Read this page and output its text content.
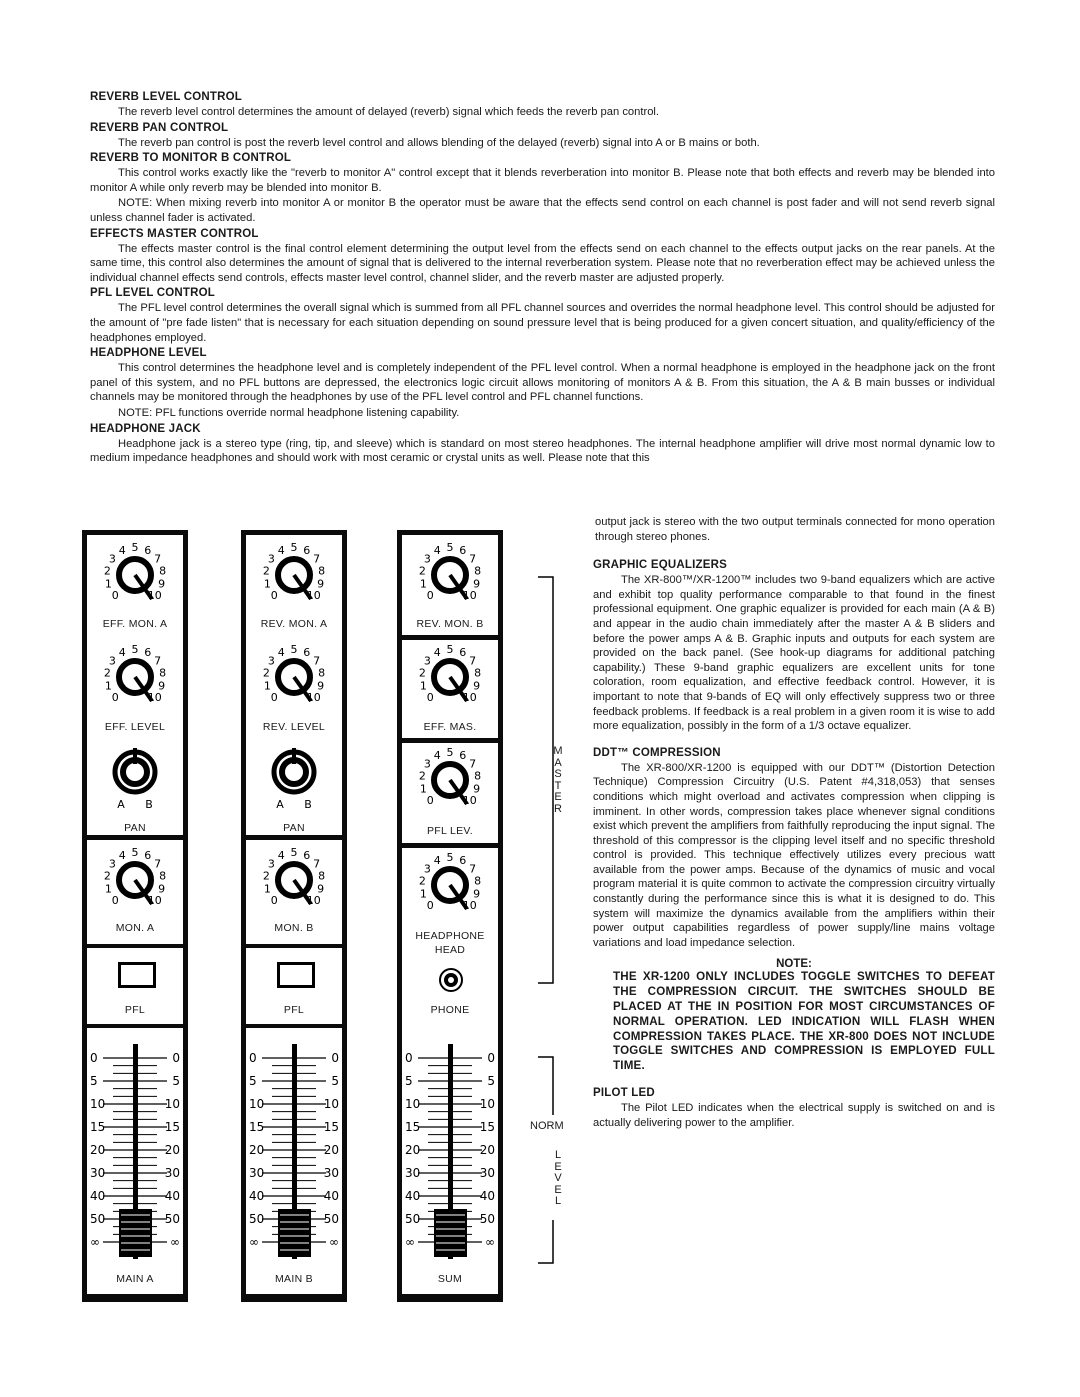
REVERB LEVEL CONTROL

The reverb level control determines the amount of delayed (reverb) signal which feeds the reverb pan control.

REVERB PAN CONTROL

The reverb pan control is post the reverb level control and allows blending of the delayed (reverb) signal into A or B mains or both.

REVERB TO MONITOR B CONTROL

This control works exactly like the "reverb to monitor A" control except that it blends reverberation into monitor B. Please note that both effects and reverb may be blended into monitor A while only reverb may be blended into monitor B.

NOTE: When mixing reverb into monitor A or monitor B the operator must be aware that the effects send control on each channel is post fader and will not send reverb signal unless channel fader is activated.

EFFECTS MASTER CONTROL

The effects master control is the final control element determining the output level from the effects send on each channel to the effects output jacks on the rear panels. At the same time, this control also determines the amount of signal that is delivered to the internal reverberation system. Please note that no reverberation effect may be achieved unless the individual channel effects send controls, effects master level control, channel slider, and the reverb master are adjusted properly.

PFL LEVEL CONTROL

The PFL level control determines the overall signal which is summed from all PFL channel sources and overrides the normal headphone level. This control should be adjusted for the amount of "pre fade listen" that is necessary for each situation depending on sound pressure level that is being produced for a given concert situation, and quality/efficiency of the headphones employed.

HEADPHONE LEVEL

This control determines the headphone level and is completely independent of the PFL level control. When a normal headphone is employed in the headphone jack on the front panel of this system, and no PFL buttons are depressed, the electronics logic circuit allows monitoring of monitors A & B. From this situation, the A & B main busses or individual channels may be monitored through the headphones by use of the PFL level control and PFL channel functions.

NOTE: PFL functions override normal headphone listening capability.

HEADPHONE JACK

Headphone jack is a stereo type (ring, tip, and sleeve) which is standard on most stereo headphones. The internal headphone amplifier will drive most normal dynamic low to medium impedance headphones and should work with most ceramic or crystal units as well. Please note that this

output jack is stereo with the two output terminals connected for mono operation through stereo phones.

GRAPHIC EQUALIZERS

The XR-800™/XR-1200™ includes two 9-band equalizers which are active and exhibit top quality performance comparable to that found in the finest professional equipment. One graphic equalizer is provided for each main (A & B) and appear in the audio chain immediately after the master A & B sliders and before the power amps A & B. Graphic inputs and outputs for each system are provided on the back panel. (See hook-up diagrams for additional patching capability.) These 9-band graphic equalizers are excellent units for tone coloration, room equalization, and effective feedback control. However, it is important to note that 9-bands of EQ will only effectively suppress two or three feedback problems. If feedback is a real problem in a given room it is wise to add more equalization, possibly in the form of a 1/3 octave equalizer.

DDT™ COMPRESSION

The XR-800/XR-1200 is equipped with our DDT™ (Distortion Detection Technique) Compression Circuitry (U.S. Patent #4,318,053) that senses conditions which might overload and activates compression when clipping is imminent. In other words, compression takes place whenever signal conditions exist which prevent the amplifiers from faithfully reproducing the input signal. The threshold of this compressor is the clipping level itself and no specific threshold control is provided. This technique effectively utilizes every precious watt available from the power amps. Because of the dynamics of music and vocal program material it is quite common to activate the compression circuitry virtually constantly during the performance since this is what it is designed to do. This system will maximize the dynamics available from the amplifiers within their power output capabilities regardless of power supply/line mains voltage variations and load impedance selection.

NOTE:
THE XR-1200 ONLY INCLUDES TOGGLE SWITCHES TO DEFEAT THE COMPRESSION CIRCUIT. THE SWITCHES SHOULD BE PLACED AT THE IN POSITION FOR MOST CIRCUMSTANCES OF NORMAL OPERATION. LED INDICATION WILL FLASH WHEN COMPRESSION TAKES PLACE. THE XR-800 DOES NOT INCLUDE TOGGLE SWITCHES AND COMPRESSION IS EMPLOYED FULL TIME.

PILOT LED

The Pilot LED indicates when the electrical supply is switched on and is actually delivering power to the amplifier.

0
1
2
3
4 5 6
7
8
9
10
EFF. MON. A
0
1
2
3
4 5 6
7
8
9
10
EFF. LEVEL
A B
PAN
0
1
2
3
4 5 6
7
8
9
10
MON. A
PFL
0	0
5	5
10	10
15	15
20	20
30	30
40	40
50	50
∞	∞
MAIN A
0
1
2
3
4 5 6
7
8
9
10
REV. MON. A
0
1
2
3
4 5 6
7
8
9
10
REV. LEVEL
A B
PAN
0
1
2
3
4 5 6
7
8
9
10
MON. B
PFL
0	0
5	5
10	10
15	15
20	20
30	30
40	40
50	50
∞	∞
MAIN B
0
1
2
3
4 5 6
7
8
9
10
REV. MON. B
0
1
2
3
4 5 6
7
8
9
10
EFF. MAS.
0
1
2
3
4 5 6
7
8
9
10
PFL LEV.
0
1
2
3
4 5 6
7
8
9
10
HEADPHONE
HEAD
PHONE
0	0
5	5
10	10
15	15
20	20
30	30
40	40
50	50
∞	∞
SUM
MASTER
NORM
LEVEL
